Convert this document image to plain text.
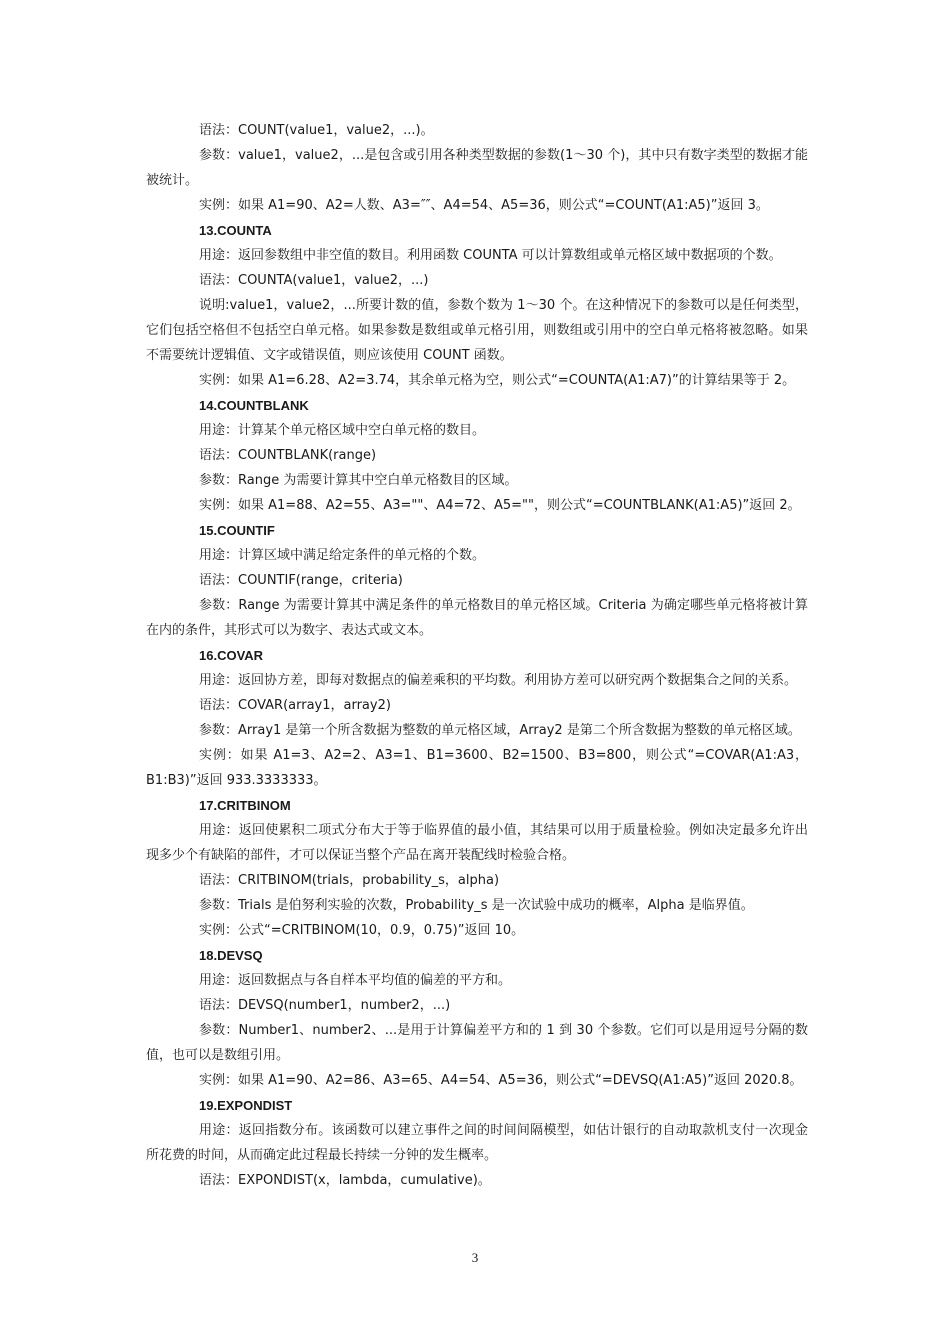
语法：COUNT(value1，value2，...)。

参数：value1，value2，...是包含或引用各种类型数据的参数(1～30 个)，其中只有数字类型的数据才能被统计。

实例：如果 A1=90、A2=人数、A3=″″、A4=54、A5=36，则公式“=COUNT(A1:A5)”返回 3。

13.COUNTA

用途：返回参数组中非空值的数目。利用函数 COUNTA 可以计算数组或单元格区域中数据项的个数。

语法：COUNTA(value1，value2，...)

说明:value1，value2，...所要计数的值，参数个数为 1～30 个。在这种情况下的参数可以是任何类型，它们包括空格但不包括空白单元格。如果参数是数组或单元格引用，则数组或引用中的空白单元格将被忽略。如果不需要统计逻辑值、文字或错误值，则应该使用 COUNT 函数。

实例：如果 A1=6.28、A2=3.74，其余单元格为空，则公式“=COUNTA(A1:A7)”的计算结果等于 2。

14.COUNTBLANK

用途：计算某个单元格区域中空白单元格的数目。

语法：COUNTBLANK(range)

参数：Range 为需要计算其中空白单元格数目的区域。

实例：如果 A1=88、A2=55、A3=""、A4=72、A5=""，则公式“=COUNTBLANK(A1:A5)”返回 2。

15.COUNTIF

用途：计算区域中满足给定条件的单元格的个数。

语法：COUNTIF(range，criteria)

参数：Range 为需要计算其中满足条件的单元格数目的单元格区域。Criteria 为确定哪些单元格将被计算在内的条件，其形式可以为数字、表达式或文本。

16.COVAR

用途：返回协方差，即每对数据点的偏差乘积的平均数。利用协方差可以研究两个数据集合之间的关系。

语法：COVAR(array1，array2)

参数：Array1 是第一个所含数据为整数的单元格区域，Array2 是第二个所含数据为整数的单元格区域。

实例：如果 A1=3、A2=2、A3=1、B1=3600、B2=1500、B3=800，则公式“=COVAR(A1:A3，B1:B3)”返回 933.3333333。

17.CRITBINOM

用途：返回使累积二项式分布大于等于临界值的最小值，其结果可以用于质量检验。例如决定最多允许出现多少个有缺陷的部件，才可以保证当整个产品在离开装配线时检验合格。

语法：CRITBINOM(trials，probability_s，alpha)

参数：Trials 是伯努利实验的次数，Probability_s 是一次试验中成功的概率，Alpha 是临界值。

实例：公式“=CRITBINOM(10，0.9，0.75)”返回 10。

18.DEVSQ

用途：返回数据点与各自样本平均值的偏差的平方和。

语法：DEVSQ(number1，number2，...)

参数：Number1、number2、...是用于计算偏差平方和的 1 到 30 个参数。它们可以是用逗号分隔的数值，也可以是数组引用。

实例：如果 A1=90、A2=86、A3=65、A4=54、A5=36，则公式“=DEVSQ(A1:A5)”返回 2020.8。

19.EXPONDIST

用途：返回指数分布。该函数可以建立事件之间的时间间隔模型，如估计银行的自动取款机支付一次现金所花费的时间，从而确定此过程最长持续一分钟的发生概率。

语法：EXPONDIST(x，lambda，cumulative)。

3
